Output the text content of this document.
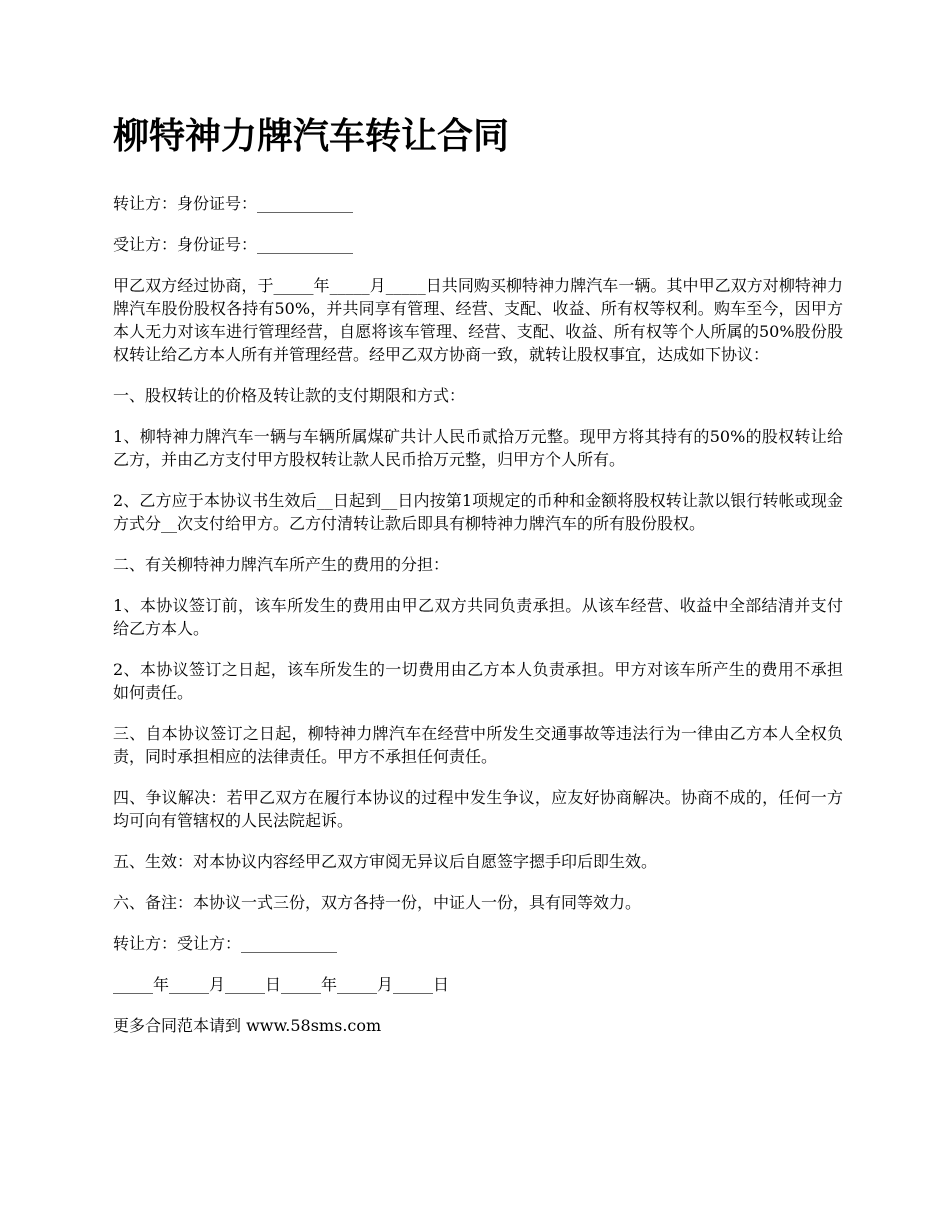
柳特神力牌汽车转让合同

转让方：身份证号：____________

受让方：身份证号：____________

甲乙双方经过协商，于_____年_____月_____日共同购买柳特神力牌汽车一辆。其中甲乙双方对柳特神力牌汽车股份股权各持有50%，并共同享有管理、经营、支配、收益、所有权等权利。购车至今，因甲方本人无力对该车进行管理经营，自愿将该车管理、经营、支配、收益、所有权等个人所属的50%股份股权转让给乙方本人所有并管理经营。经甲乙双方协商一致，就转让股权事宜，达成如下协议：

一、股权转让的价格及转让款的支付期限和方式：

1、柳特神力牌汽车一辆与车辆所属煤矿共计人民币贰拾万元整。现甲方将其持有的50%的股权转让给乙方，并由乙方支付甲方股权转让款人民币拾万元整，归甲方个人所有。

2、乙方应于本协议书生效后__日起到__日内按第1项规定的币种和金额将股权转让款以银行转帐或现金方式分__次支付给甲方。乙方付清转让款后即具有柳特神力牌汽车的所有股份股权。

二、有关柳特神力牌汽车所产生的费用的分担：

1、本协议签订前，该车所发生的费用由甲乙双方共同负责承担。从该车经营、收益中全部结清并支付给乙方本人。

2、本协议签订之日起，该车所发生的一切费用由乙方本人负责承担。甲方对该车所产生的费用不承担如何责任。

三、自本协议签订之日起，柳特神力牌汽车在经营中所发生交通事故等违法行为一律由乙方本人全权负责，同时承担相应的法律责任。甲方不承担任何责任。

四、争议解决：若甲乙双方在履行本协议的过程中发生争议，应友好协商解决。协商不成的，任何一方均可向有管辖权的人民法院起诉。

五、生效：对本协议内容经甲乙双方审阅无异议后自愿签字摁手印后即生效。

六、备注：本协议一式三份，双方各持一份，中证人一份，具有同等效力。

转让方：受让方：____________

_____年_____月_____日_____年_____月_____日

更多合同范本请到 www.58sms.com
